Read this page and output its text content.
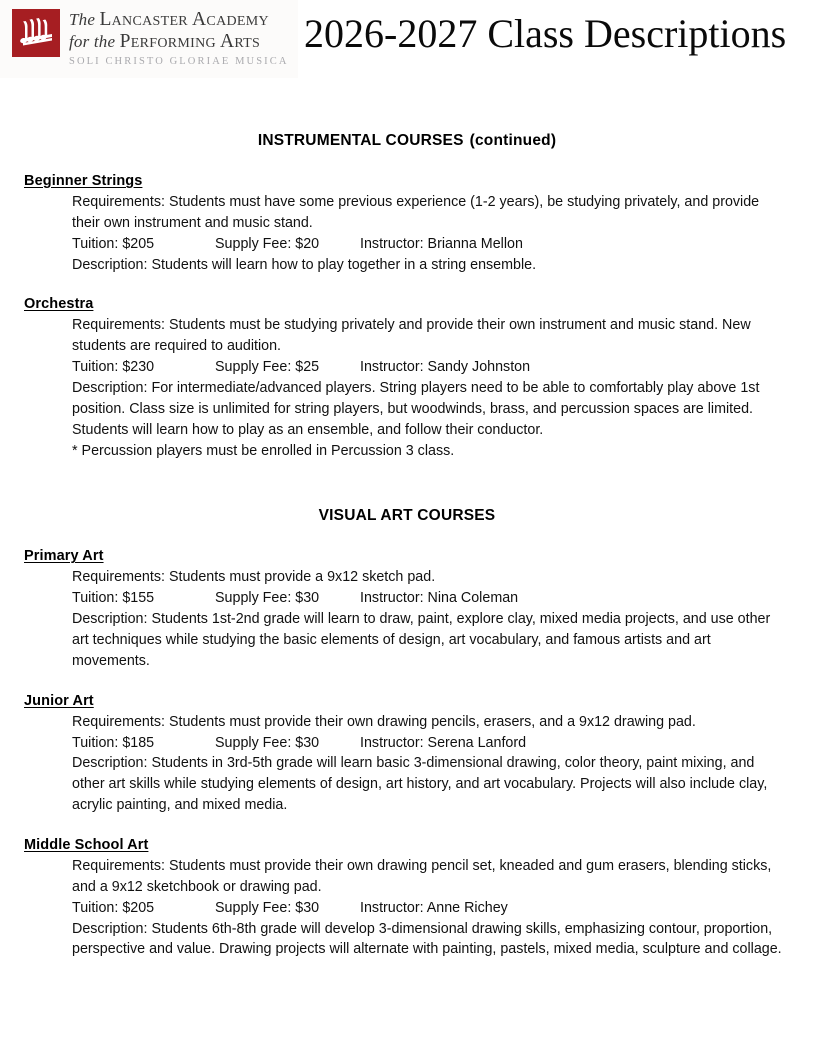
The Lancaster Academy
for the Performing Arts
SOLI CHRISTO GLORIAE MUSICA
2026-2027 Class Descriptions
INSTRUMENTAL COURSES (continued)
Beginner Strings
Requirements: Students must have some previous experience (1-2 years), be studying privately, and provide their own instrument and music stand.
Tuition: $205	Supply Fee: $20	Instructor: Brianna Mellon
Description: Students will learn how to play together in a string ensemble.
Orchestra
Requirements: Students must be studying privately and provide their own instrument and music stand. New students are required to audition.
Tuition: $230	Supply Fee: $25	Instructor: Sandy Johnston
Description: For intermediate/advanced players. String players need to be able to comfortably play above 1st position. Class size is unlimited for string players, but woodwinds, brass, and percussion spaces are limited. Students will learn how to play as an ensemble, and follow their conductor.
* Percussion players must be enrolled in Percussion 3 class.
VISUAL ART COURSES
Primary Art
Requirements: Students must provide a 9x12 sketch pad.
Tuition: $155	Supply Fee: $30	Instructor: Nina Coleman
Description: Students 1st-2nd grade will learn to draw, paint, explore clay, mixed media projects, and use other art techniques while studying the basic elements of design, art vocabulary, and famous artists and art movements.
Junior Art
Requirements: Students must provide their own drawing pencils, erasers, and a 9x12 drawing pad.
Tuition: $185	Supply Fee: $30	Instructor: Serena Lanford
Description: Students in 3rd-5th grade will learn basic 3-dimensional drawing, color theory, paint mixing, and other art skills while studying elements of design, art history, and art vocabulary. Projects will also include clay, acrylic painting, and mixed media.
Middle School Art
Requirements: Students must provide their own drawing pencil set, kneaded and gum erasers, blending sticks, and a 9x12 sketchbook or drawing pad.
Tuition: $205	Supply Fee: $30	Instructor: Anne Richey
Description: Students 6th-8th grade will develop 3-dimensional drawing skills, emphasizing contour, proportion, perspective and value. Drawing projects will alternate with painting, pastels, mixed media, sculpture and collage.
